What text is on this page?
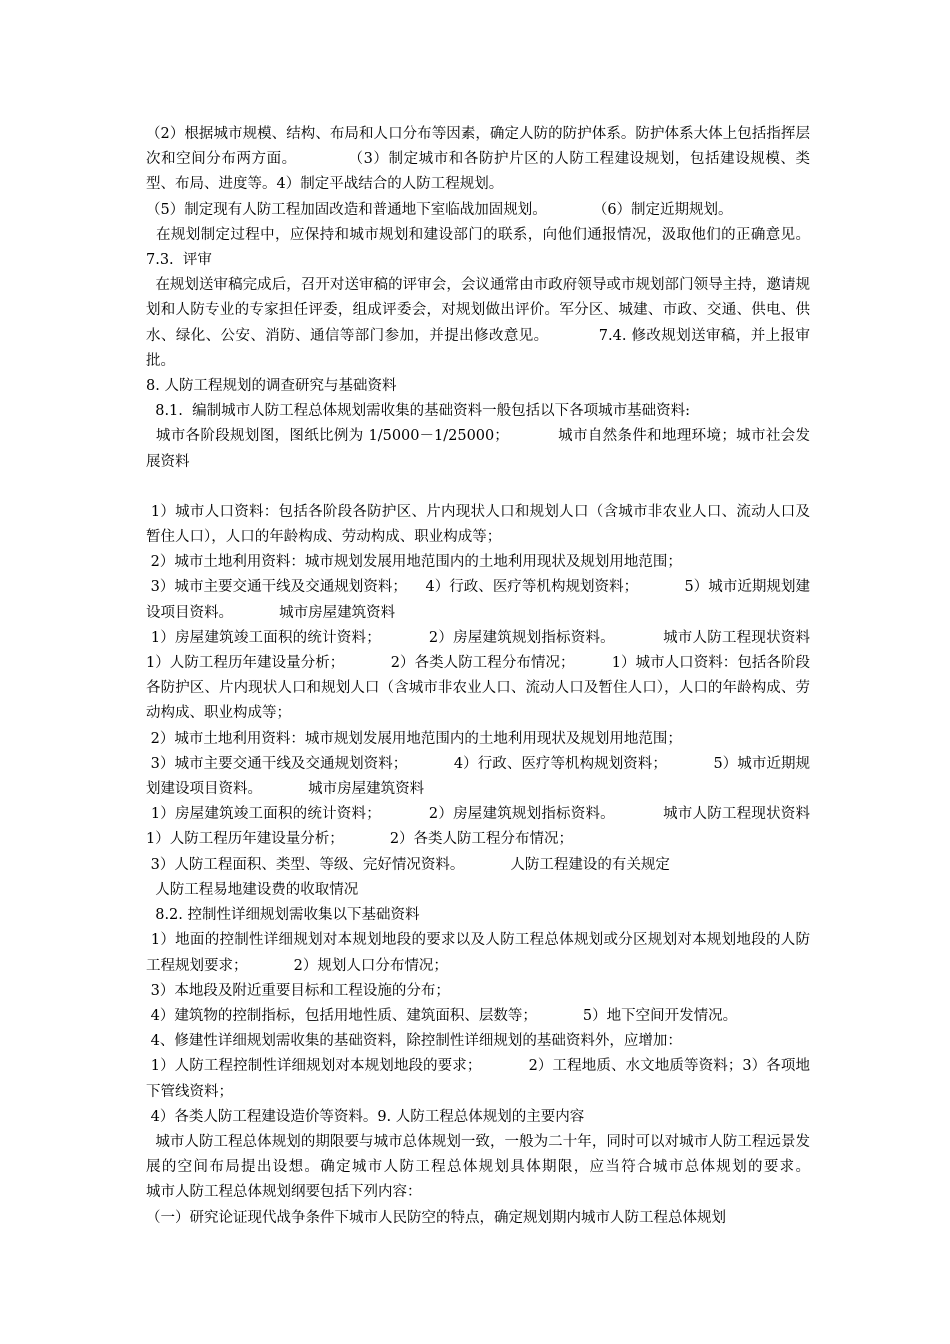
（2）根据城市规模、结构、布局和人口分布等因素，确定人防的防护体系。防护体系大体上包括指挥层次和空间分布两方面。          （3）制定城市和各防护片区的人防工程建设规划，包括建设规模、类型、布局、进度等。4）制定平战结合的人防工程规划。

（5）制定现有人防工程加固改造和普通地下室临战加固规划。          （6）制定近期规划。

在规划制定过程中，应保持和城市规划和建设部门的联系，向他们通报情况，汲取他们的正确意见。          7.3.  评审

在规划送审稿完成后，召开对送审稿的评审会，会议通常由市政府领导或市规划部门领导主持，邀请规划和人防专业的专家担任评委，组成评委会，对规划做出评价。军分区、城建、市政、交通、供电、供水、绿化、公安、消防、通信等部门参加，并提出修改意见。          7.4. 修改规划送审稿，并上报审批。

8. 人防工程规划的调查研究与基础资料

8.1.  编制城市人防工程总体规划需收集的基础资料一般包括以下各项城市基础资料:

城市各阶段规划图，图纸比例为 1/5000－1/25000；          城市自然条件和地理环境；城市社会发展资料

1）城市人口资料：包括各阶段各防护区、片内现状人口和规划人口（含城市非农业人口、流动人口及暂住人口），人口的年龄构成、劳动构成、职业构成等；

2）城市土地利用资料：城市规划发展用地范围内的土地利用现状及规划用地范围；

3）城市主要交通干线及交通规划资料；    4）行政、医疗等机构规划资料；          5）城市近期规划建设项目资料。          城市房屋建筑资料

1）房屋建筑竣工面积的统计资料；          2）房屋建筑规划指标资料。          城市人防工程现状资料          1）人防工程历年建设量分析；          2）各类人防工程分布情况；        1）城市人口资料：包括各阶段各防护区、片内现状人口和规划人口（含城市非农业人口、流动人口及暂住人口），人口的年龄构成、劳动构成、职业构成等；

2）城市土地利用资料：城市规划发展用地范围内的土地利用现状及规划用地范围；

3）城市主要交通干线及交通规划资料；          4）行政、医疗等机构规划资料；          5）城市近期规划建设项目资料。          城市房屋建筑资料

1）房屋建筑竣工面积的统计资料；          2）房屋建筑规划指标资料。          城市人防工程现状资料          1）人防工程历年建设量分析；          2）各类人防工程分布情况；

3）人防工程面积、类型、等级、完好情况资料。          人防工程建设的有关规定

人防工程易地建设费的收取情况

8.2. 控制性详细规划需收集以下基础资料

1）地面的控制性详细规划对本规划地段的要求以及人防工程总体规划或分区规划对本规划地段的人防工程规划要求；          2）规划人口分布情况；

3）本地段及附近重要目标和工程设施的分布；

4）建筑物的控制指标，包括用地性质、建筑面积、层数等；          5）地下空间开发情况。

4、修建性详细规划需收集的基础资料，除控制性详细规划的基础资料外，应增加：

1）人防工程控制性详细规划对本规划地段的要求；          2）工程地质、水文地质等资料；3）各项地下管线资料；

4）各类人防工程建设造价等资料。9. 人防工程总体规划的主要内容

城市人防工程总体规划的期限要与城市总体规划一致，一般为二十年，同时可以对城市人防工程远景发展的空间布局提出设想。确定城市人防工程总体规划具体期限，应当符合城市总体规划的要求。          城市人防工程总体规划纲要包括下列内容：

（一）研究论证现代战争条件下城市人民防空的特点，确定规划期内城市人防工程总体规划
